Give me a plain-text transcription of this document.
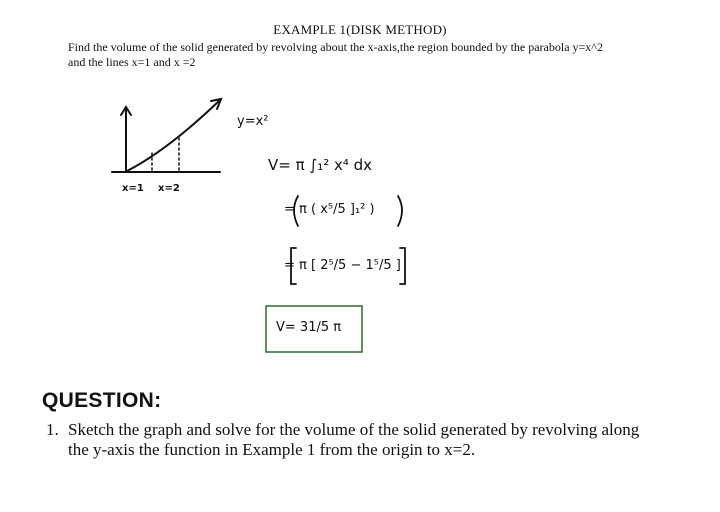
EXAMPLE 1(DISK METHOD)
Find the volume of the solid generated by revolving about the x-axis,the region bounded by the parabola y=x^2
and the lines x=1 and x =2
y=x²
x=1 x=2
V= π ∫₁² x⁴ dx
= π ( x⁵/5 ]₁² )
= π [ 2⁵/5 − 1⁵/5 ]
V= 31/5 π
QUESTION:
1. Sketch the graph and solve for the volume of the solid generated by revolving along the y-axis the function in Example 1 from the origin to x=2.
